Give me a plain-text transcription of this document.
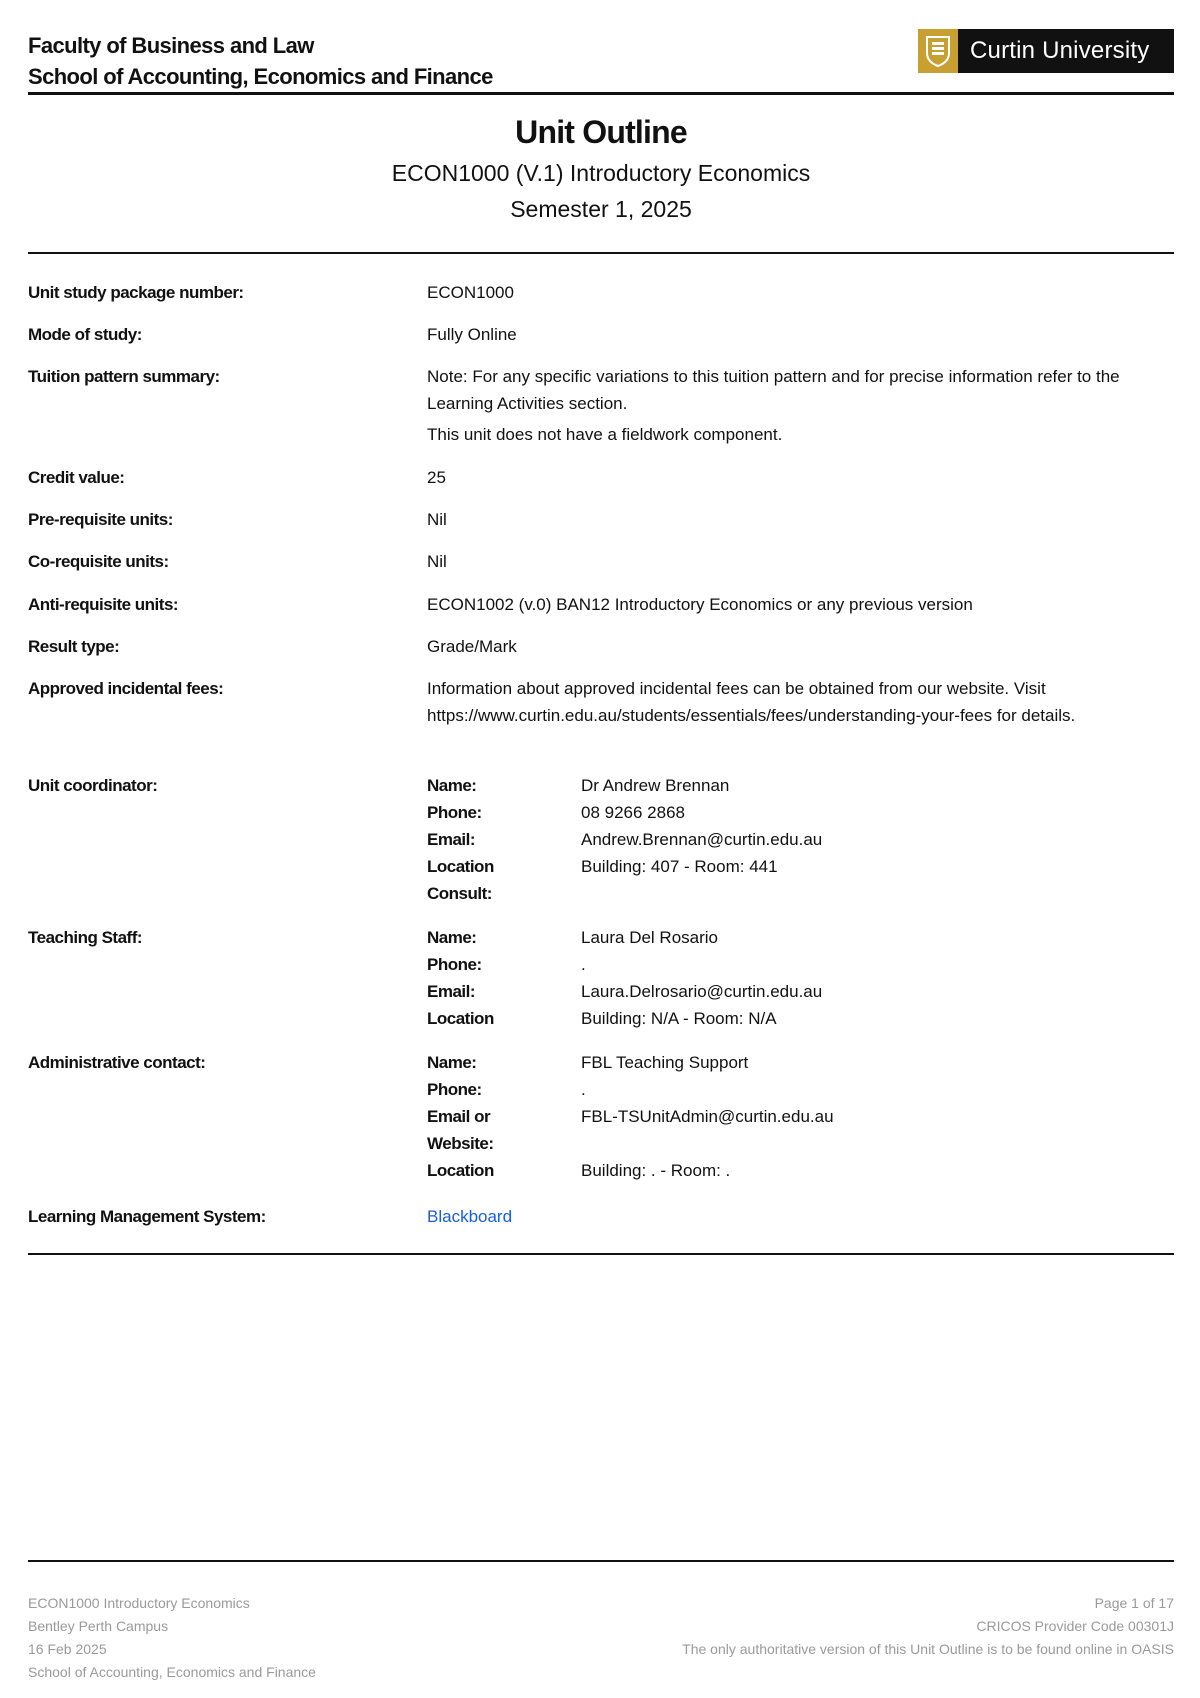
Faculty of Business and Law
School of Accounting, Economics and Finance
Curtin University
Unit Outline
ECON1000 (V.1) Introductory Economics
Semester 1, 2025
Unit study package number:	ECON1000
Mode of study:	Fully Online
Tuition pattern summary:	Note: For any specific variations to this tuition pattern and for precise information refer to the Learning Activities section.

This unit does not have a fieldwork component.

Credit value:	25
Pre-requisite units:	Nil
Co-requisite units:	Nil
Anti-requisite units:	ECON1002 (v.0) BAN12 Introductory Economics or any previous version
Result type:	Grade/Mark
Approved incidental fees:	Information about approved incidental fees can be obtained from our website. Visit https://www.curtin.edu.au/students/essentials/fees/understanding-your-fees for details.
Unit coordinator:	Name:	Dr Andrew Brennan
Phone:	08 9266 2868
Email:	Andrew.Brennan@curtin.edu.au
Location	Building: 407 - Room: 441
Consult:
Teaching Staff:	Name:	Laura Del Rosario
Phone:	.
Email:	Laura.Delrosario@curtin.edu.au
Location	Building: N/A - Room: N/A
Administrative contact:	Name:	FBL Teaching Support
Phone:	.
Email or	FBL-TSUnitAdmin@curtin.edu.au
Website:
Location	Building: . - Room: .
Learning Management System:	Blackboard
ECON1000 Introductory Economics
Bentley Perth Campus
16 Feb 2025
School of Accounting, Economics and Finance
Page 1 of 17
CRICOS Provider Code 00301J
The only authoritative version of this Unit Outline is to be found online in OASIS
